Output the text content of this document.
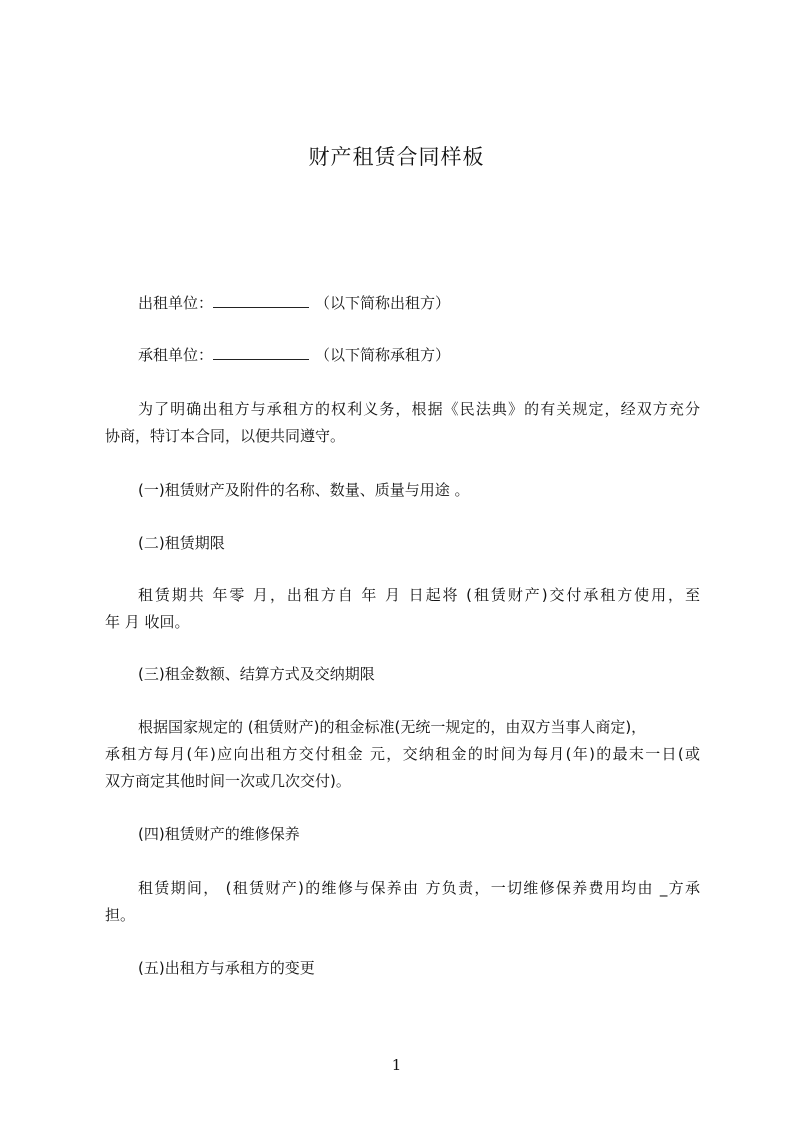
财产租赁合同样板
出租单位：	（以下简称出租方）
承租单位：	（以下简称承租方）
为了明确出租方与承租方的权利义务，根据《民法典》的有关规定，经双方充分
协商，特订本合同，以便共同遵守。
(一)租赁财产及附件的名称、数量、质量与用途 。
(二)租赁期限
租赁期共 年零 月，出租方自 年 月 日起将 (租赁财产)交付承租方使用，至
年 月 收回。
(三)租金数额、结算方式及交纳期限
根据国家规定的 (租赁财产)的租金标准(无统一规定的，由双方当事人商定)，
承租方每月(年)应向出租方交付租金 元，交纳租金的时间为每月(年)的最末一日(或
双方商定其他时间一次或几次交付)。
(四)租赁财产的维修保养
租赁期间， (租赁财产)的维修与保养由 方负责，一切维修保养费用均由 _方承
担。
(五)出租方与承租方的变更
1
